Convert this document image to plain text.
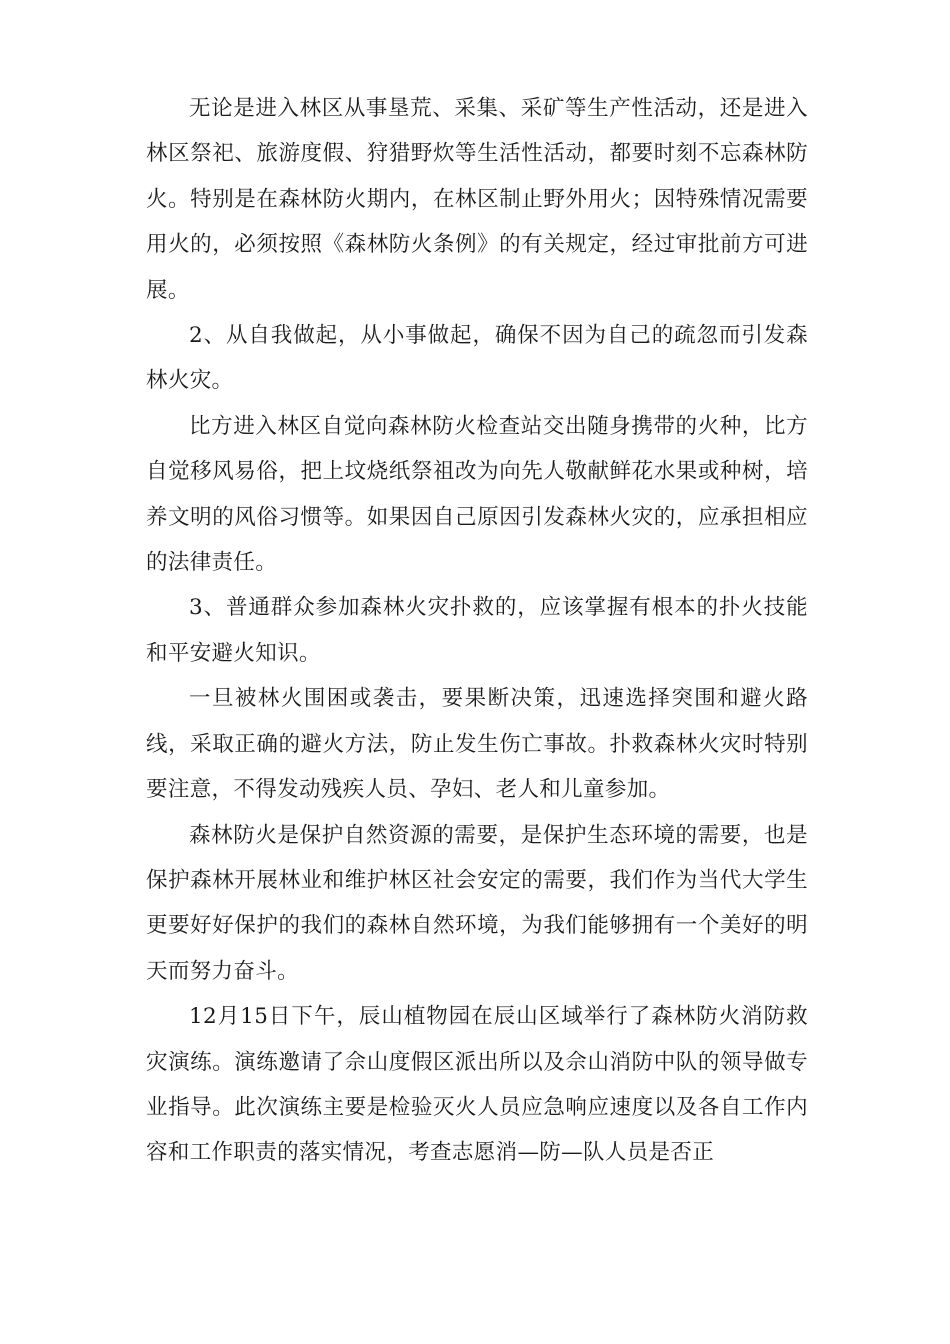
无论是进入林区从事垦荒、采集、采矿等生产性活动，还是进入林区祭祀、旅游度假、狩猎野炊等生活性活动，都要时刻不忘森林防火。特别是在森林防火期内，在林区制止野外用火；因特殊情况需要用火的，必须按照《森林防火条例》的有关规定，经过审批前方可进展。

2、从自我做起，从小事做起，确保不因为自己的疏忽而引发森林火灾。

比方进入林区自觉向森林防火检查站交出随身携带的火种，比方自觉移风易俗，把上坟烧纸祭祖改为向先人敬献鲜花水果或种树，培养文明的风俗习惯等。如果因自己原因引发森林火灾的，应承担相应的法律责任。

3、普通群众参加森林火灾扑救的，应该掌握有根本的扑火技能和平安避火知识。

一旦被林火围困或袭击，要果断决策，迅速选择突围和避火路线，采取正确的避火方法，防止发生伤亡事故。扑救森林火灾时特别要注意，不得发动残疾人员、孕妇、老人和儿童参加。

森林防火是保护自然资源的需要，是保护生态环境的需要，也是保护森林开展林业和维护林区社会安定的需要，我们作为当代大学生更要好好保护的我们的森林自然环境，为我们能够拥有一个美好的明天而努力奋斗。

12月15日下午，辰山植物园在辰山区域举行了森林防火消防救灾演练。演练邀请了佘山度假区派出所以及佘山消防中队的领导做专业指导。此次演练主要是检验灭火人员应急响应速度以及各自工作内容和工作职责的落实情况，考查志愿消—防—队人员是否正
